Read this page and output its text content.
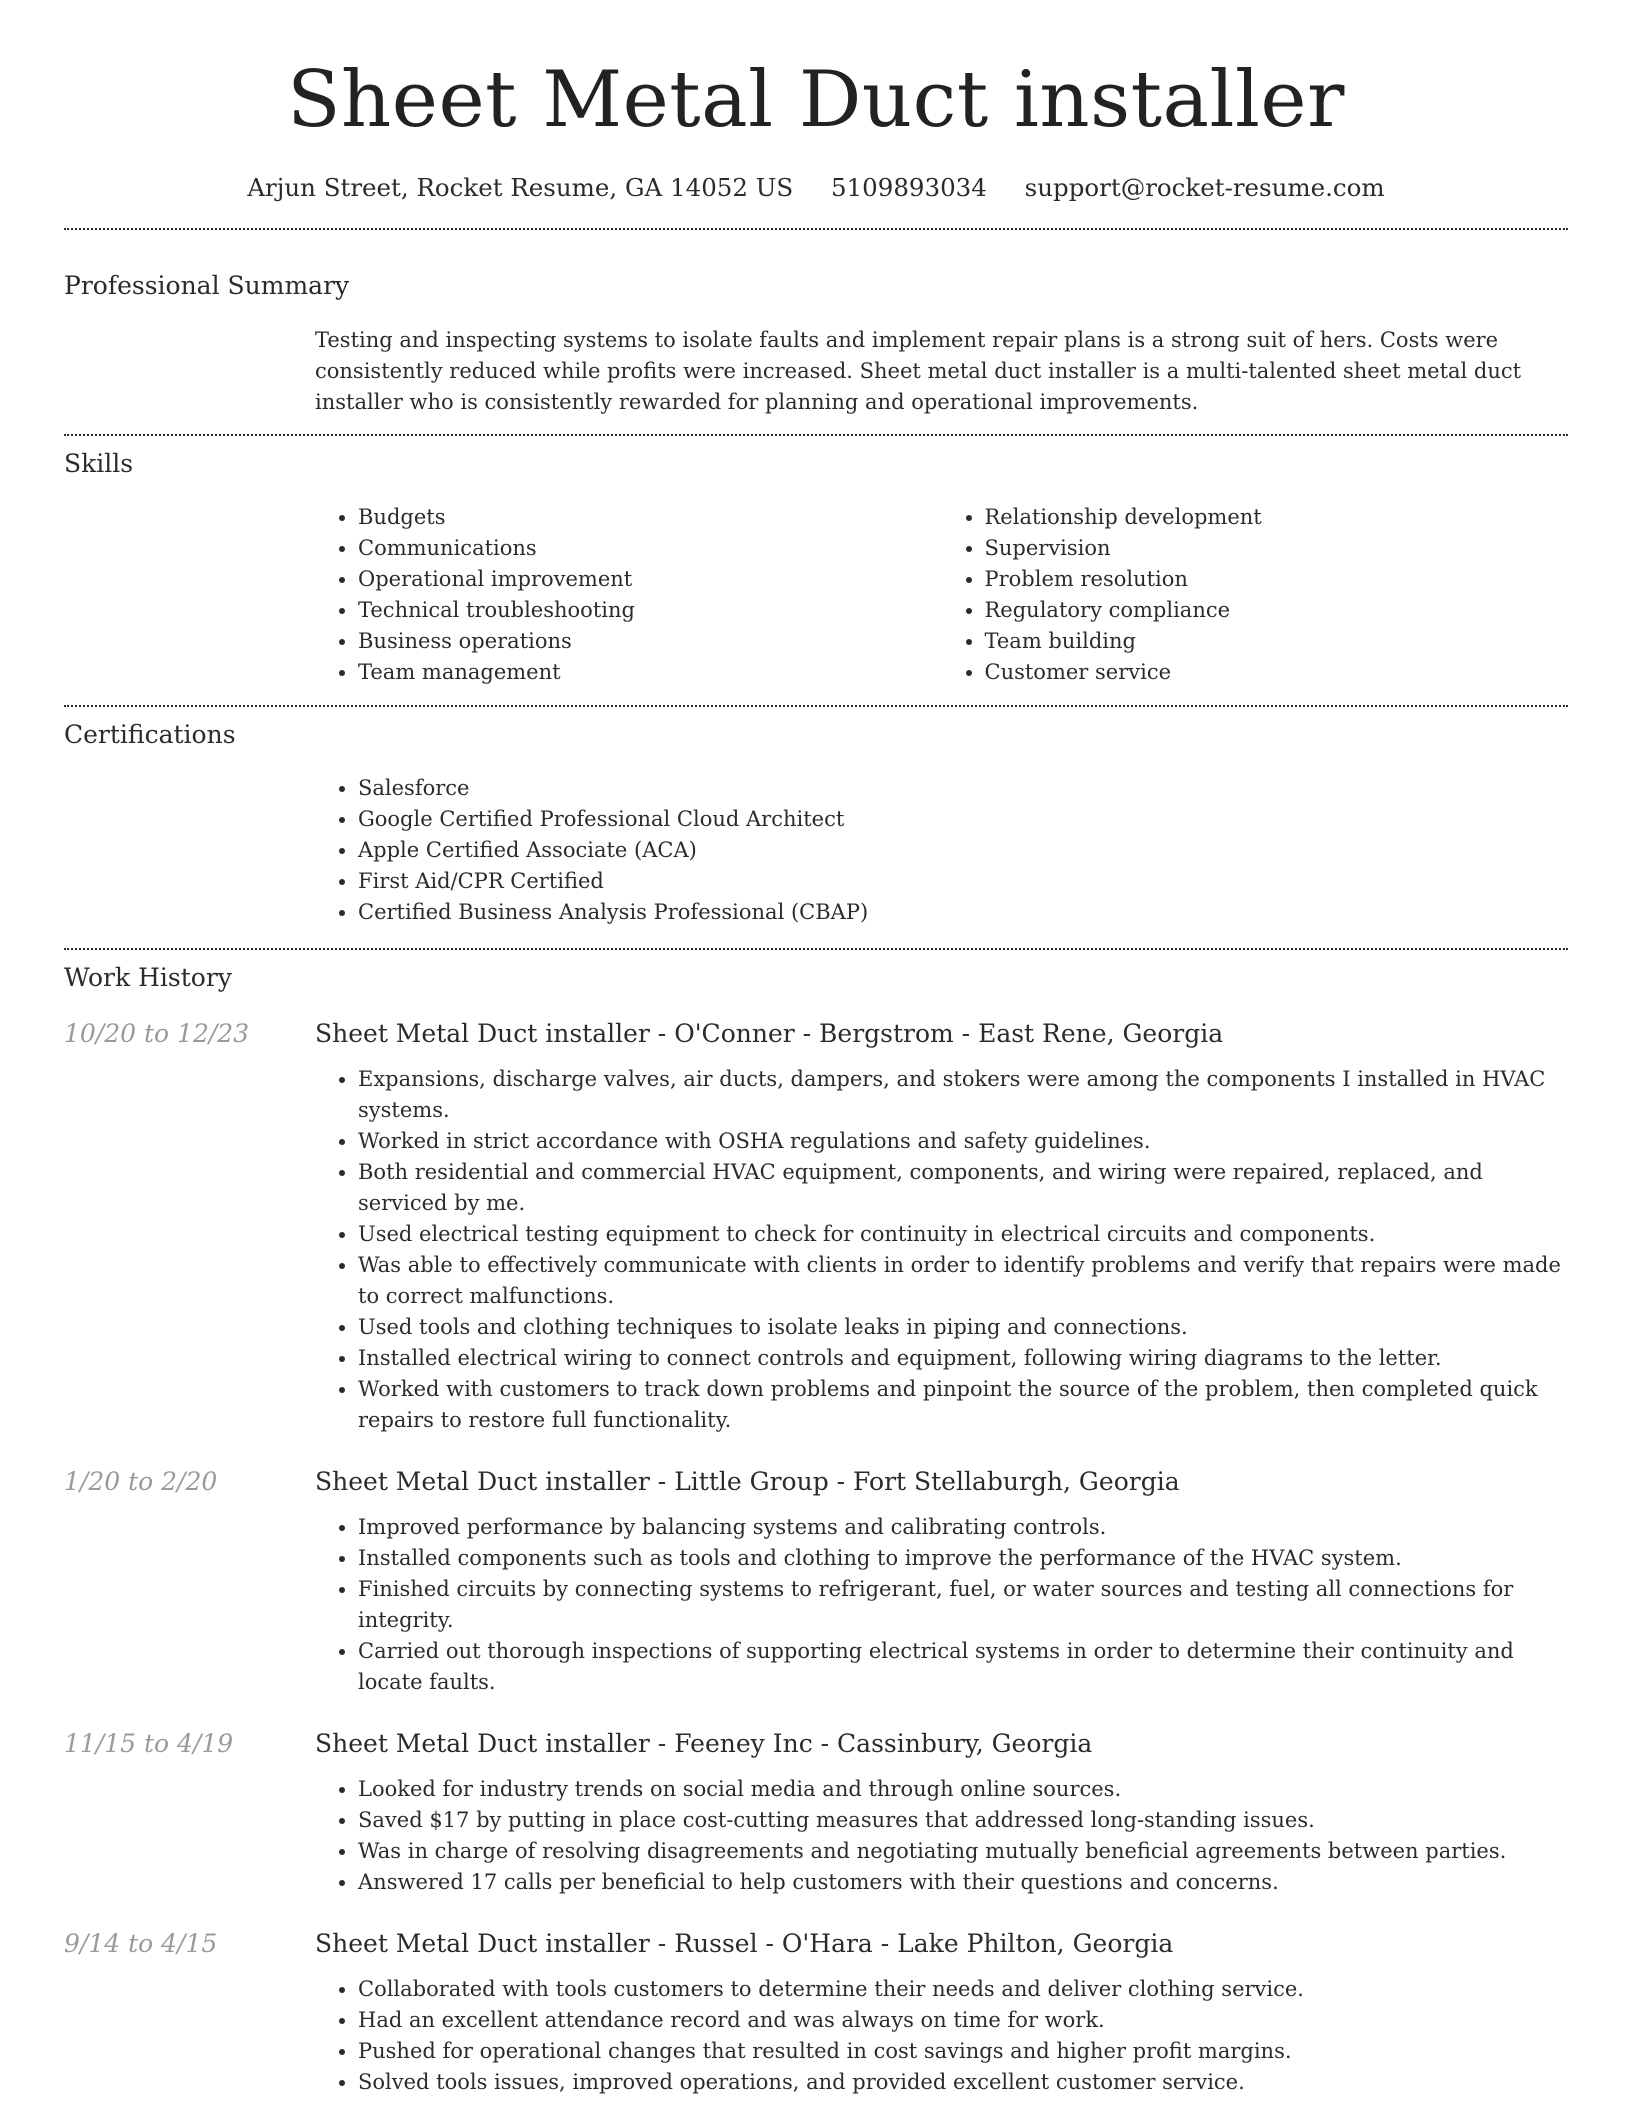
Sheet Metal Duct installer
Arjun Street, Rocket Resume, GA 14052 US 5109893034 support@rocket-resume.com
Professional Summary

Testing and inspecting systems to isolate faults and implement repair plans is a strong suit of hers. Costs were consistently reduced while profits were increased. Sheet metal duct installer is a multi-talented sheet metal duct installer who is consistently rewarded for planning and operational improvements.

Skills
• Budgets
• Communications
• Operational improvement
• Technical troubleshooting
• Business operations
• Team management
• Relationship development
• Supervision
• Problem resolution
• Regulatory compliance
• Team building
• Customer service
Certifications
• Salesforce
• Google Certified Professional Cloud Architect
• Apple Certified Associate (ACA)
• First Aid/CPR Certified
• Certified Business Analysis Professional (CBAP)
Work History
10/20 to 12/23	Sheet Metal Duct installer - O'Conner - Bergstrom - East Rene, Georgia
• Expansions, discharge valves, air ducts, dampers, and stokers were among the components I installed in HVAC systems.
• Worked in strict accordance with OSHA regulations and safety guidelines.
• Both residential and commercial HVAC equipment, components, and wiring were repaired, replaced, and serviced by me.
• Used electrical testing equipment to check for continuity in electrical circuits and components.
• Was able to effectively communicate with clients in order to identify problems and verify that repairs were made to correct malfunctions.
• Used tools and clothing techniques to isolate leaks in piping and connections.
• Installed electrical wiring to connect controls and equipment, following wiring diagrams to the letter.
• Worked with customers to track down problems and pinpoint the source of the problem, then completed quick repairs to restore full functionality.
1/20 to 2/20	Sheet Metal Duct installer - Little Group - Fort Stellaburgh, Georgia
• Improved performance by balancing systems and calibrating controls.
• Installed components such as tools and clothing to improve the performance of the HVAC system.
• Finished circuits by connecting systems to refrigerant, fuel, or water sources and testing all connections for integrity.
• Carried out thorough inspections of supporting electrical systems in order to determine their continuity and locate faults.
11/15 to 4/19	Sheet Metal Duct installer - Feeney Inc - Cassinbury, Georgia
• Looked for industry trends on social media and through online sources.
• Saved $17 by putting in place cost-cutting measures that addressed long-standing issues.
• Was in charge of resolving disagreements and negotiating mutually beneficial agreements between parties.
• Answered 17 calls per beneficial to help customers with their questions and concerns.
9/14 to 4/15	Sheet Metal Duct installer - Russel - O'Hara - Lake Philton, Georgia
• Collaborated with tools customers to determine their needs and deliver clothing service.
• Had an excellent attendance record and was always on time for work.
• Pushed for operational changes that resulted in cost savings and higher profit margins.
• Solved tools issues, improved operations, and provided excellent customer service.
